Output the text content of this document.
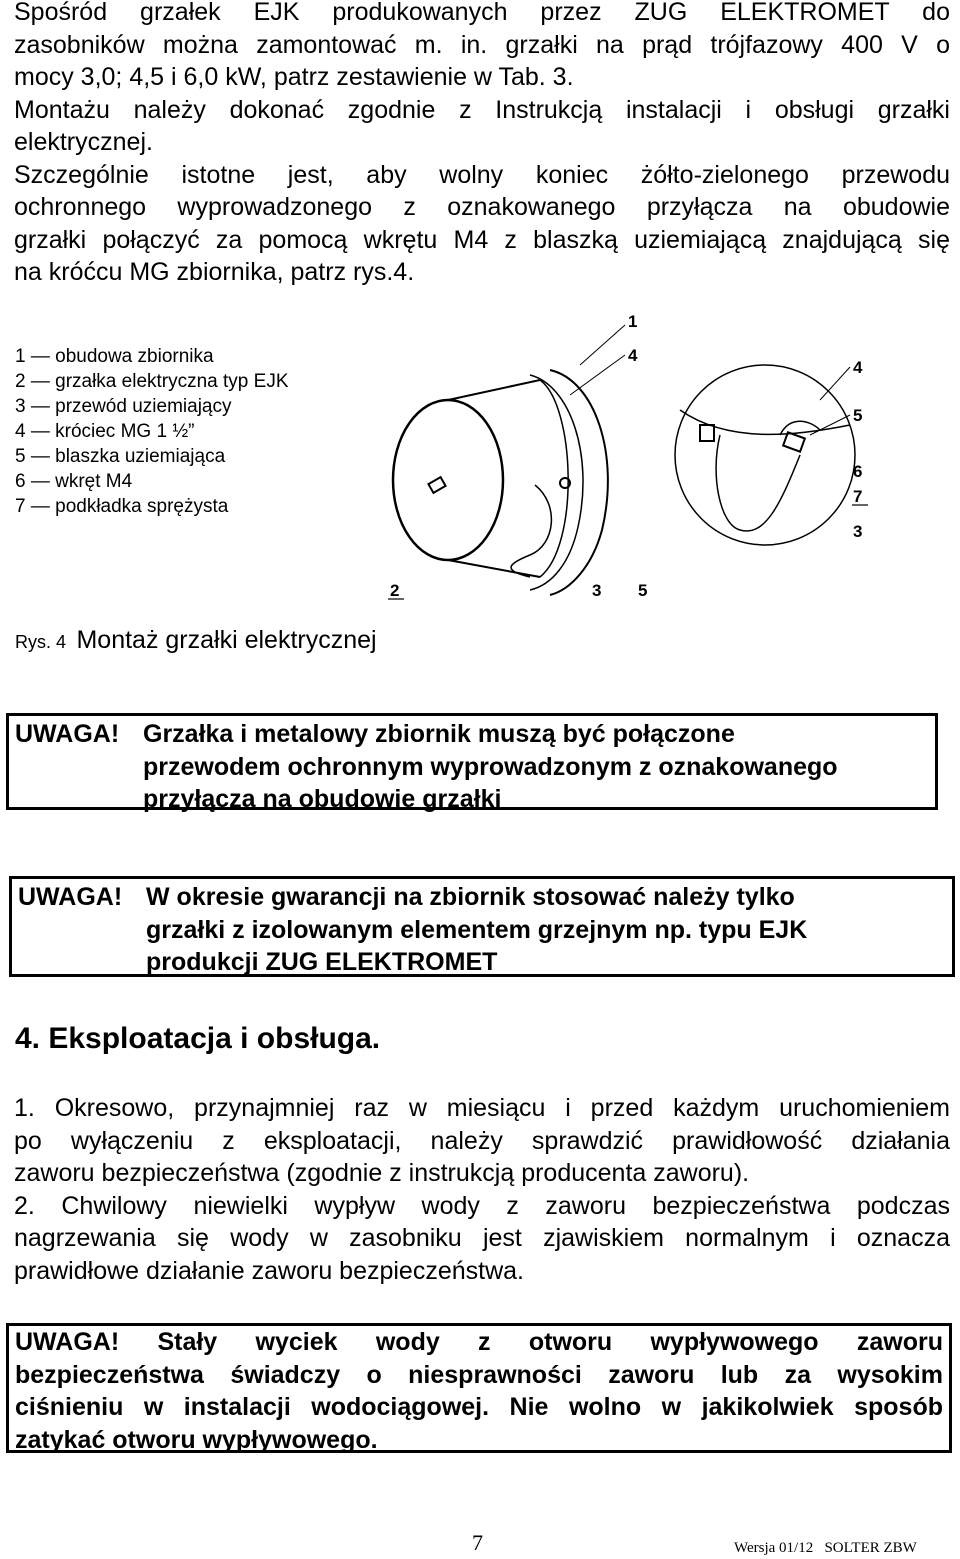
Spośród grzałek EJK produkowanych przez ZUG ELEKTROMET do
zasobników można zamontować m. in. grzałki na prąd trójfazowy 400 V o
mocy 3,0; 4,5 i 6,0 kW, patrz zestawienie w Tab. 3.
Montażu należy dokonać zgodnie z Instrukcją instalacji i obsługi grzałki
elektrycznej.
Szczególnie istotne jest, aby wolny koniec żółto-zielonego przewodu
ochronnego wyprowadzonego z oznakowanego przyłącza na obudowie
grzałki połączyć za pomocą wkrętu M4 z blaszką uziemiającą znajdującą się
na króćcu MG zbiornika, patrz rys.4.
1 — obudowa zbiornika
2 — grzałka elektryczna typ EJK
3 — przewód uziemiający
4 — króciec MG 1 ½”
5 — blaszka uziemiająca
6 — wkręt M4
7 — podkładka sprężysta
1
4
4
5
6
7
3
2	3 5
Rys. 4 Montaż grzałki elektrycznej
UWAGA! Grzałka i metalowy zbiornik muszą być połączone
przewodem ochronnym wyprowadzonym z oznakowanego
przyłącza na obudowie grzałki
UWAGA! W okresie gwarancji na zbiornik stosować należy tylko
grzałki z izolowanym elementem grzejnym np. typu EJK
produkcji ZUG ELEKTROMET
4. Eksploatacja i obsługa.
1. Okresowo, przynajmniej raz w miesiącu i przed każdym uruchomieniem
po wyłączeniu z eksploatacji, należy sprawdzić prawidłowość działania
zaworu bezpieczeństwa (zgodnie z instrukcją producenta zaworu).
2. Chwilowy niewielki wypływ wody z zaworu bezpieczeństwa podczas
nagrzewania się wody w zasobniku jest zjawiskiem normalnym i oznacza
prawidłowe działanie zaworu bezpieczeństwa.
UWAGA! Stały wyciek wody z otworu wypływowego zaworu
bezpieczeństwa świadczy o niesprawności zaworu lub za wysokim
ciśnieniu w instalacji wodociągowej. Nie wolno w jakikolwiek sposób
zatykać otworu wypływowego.
7	Wersja 01/12   SOLTER ZBW
